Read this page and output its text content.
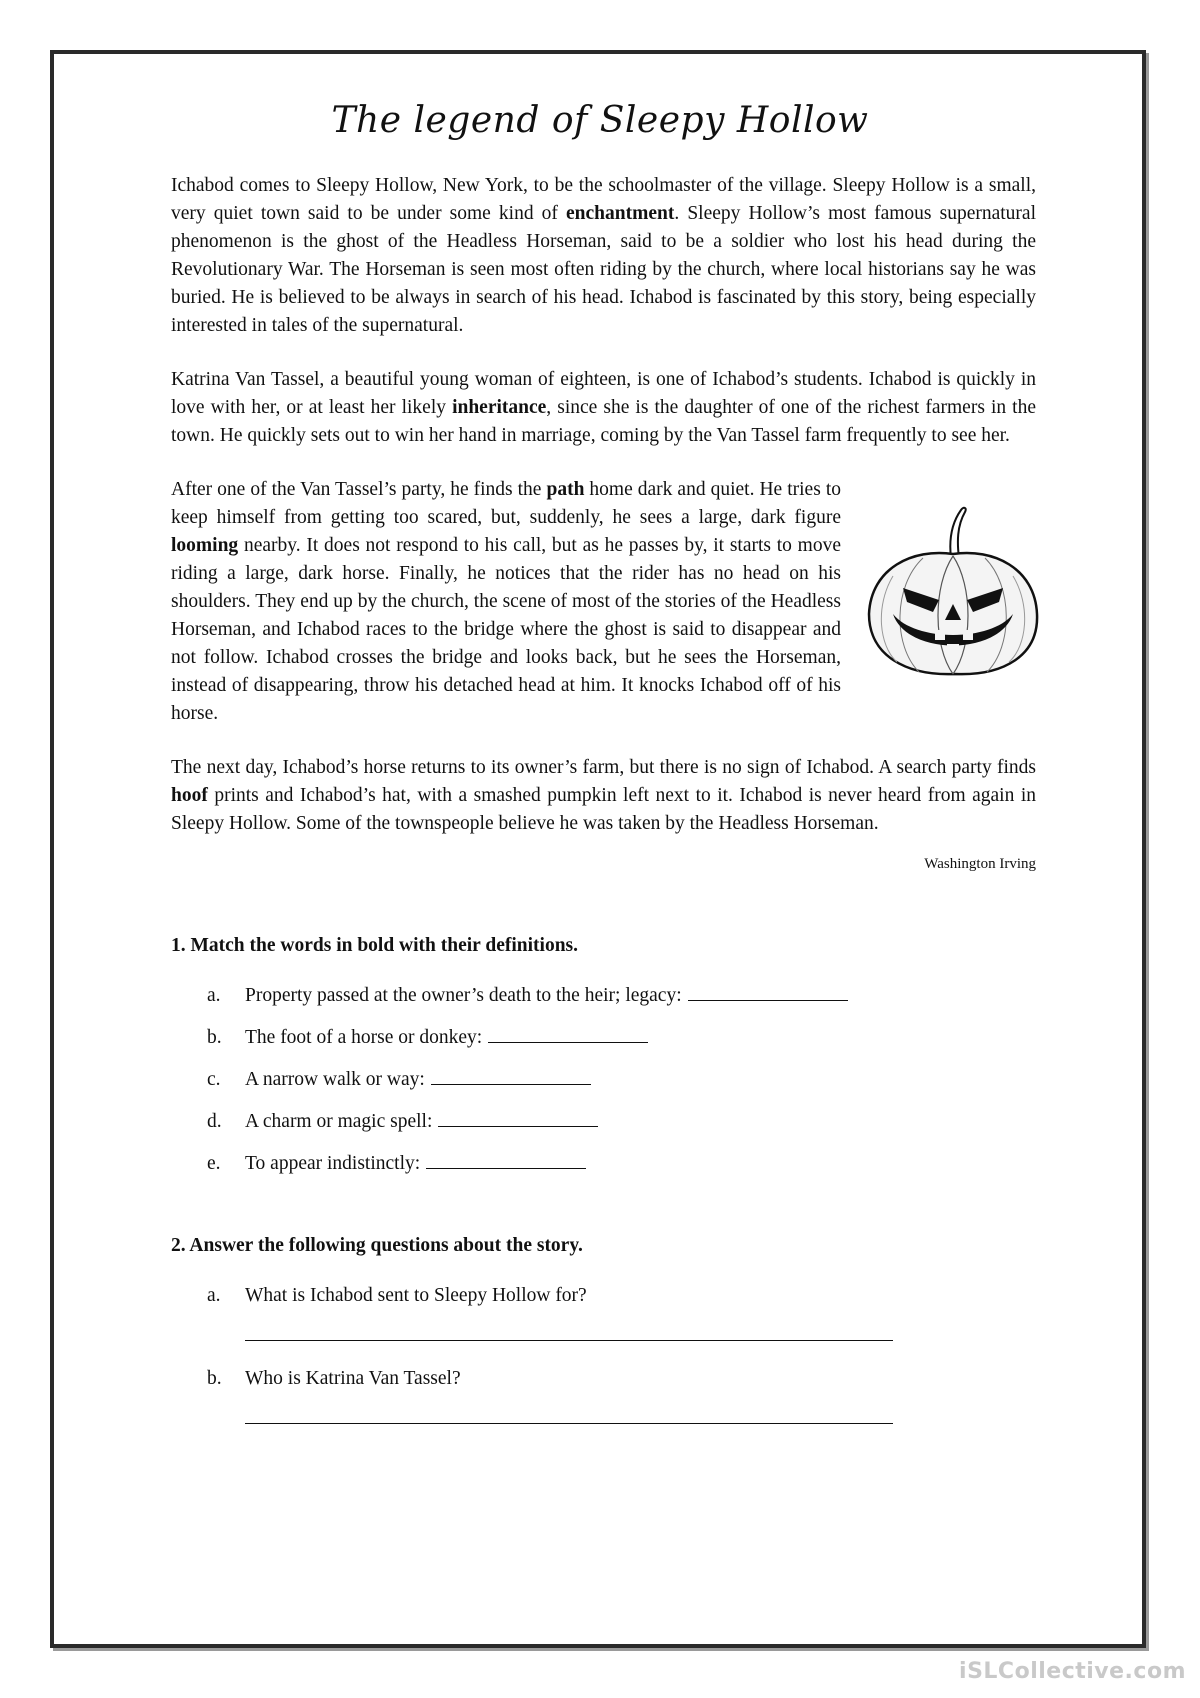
The legend of Sleepy Hollow

Ichabod comes to Sleepy Hollow, New York, to be the schoolmaster of the village. Sleepy Hollow is a small, very quiet town said to be under some kind of enchantment. Sleepy Hollow’s most famous supernatural phenomenon is the ghost of the Headless Horseman, said to be a soldier who lost his head during the Revolutionary War. The Horseman is seen most often riding by the church, where local historians say he was buried. He is believed to be always in search of his head. Ichabod is fascinated by this story, being especially interested in tales of the supernatural.

Katrina Van Tassel, a beautiful young woman of eighteen, is one of Ichabod’s students. Ichabod is quickly in love with her, or at least her likely inheritance, since she is the daughter of one of the richest farmers in the town. He quickly sets out to win her hand in marriage, coming by the Van Tassel farm frequently to see her.

After one of the Van Tassel’s party, he finds the path home dark and quiet. He tries to keep himself from getting too scared, but, suddenly, he sees a large, dark figure looming nearby. It does not respond to his call, but as he passes by, it starts to move riding a large, dark horse. Finally, he notices that the rider has no head on his shoulders. They end up by the church, the scene of most of the stories of the Headless Horseman, and Ichabod races to the bridge where the ghost is said to disappear and not follow. Ichabod crosses the bridge and looks back, but he sees the Horseman, instead of disappearing, throw his detached head at him. It knocks Ichabod off of his horse.

The next day, Ichabod’s horse returns to its owner’s farm, but there is no sign of Ichabod. A search party finds hoof prints and Ichabod’s hat, with a smashed pumpkin left next to it. Ichabod is never heard from again in Sleepy Hollow. Some of the townspeople believe he was taken by the Headless Horseman.

Washington Irving
1. Match the words in bold with their definitions.
a.	Property passed at the owner’s death to the heir; legacy:
b.	The foot of a horse or donkey:
c.	A narrow walk or way:
d.	A charm or magic spell:
e.	To appear indistinctly:
2. Answer the following questions about the story.
a.	What is Ichabod sent to Sleepy Hollow for?
b.	Who is Katrina Van Tassel?
iSLCollective.com
